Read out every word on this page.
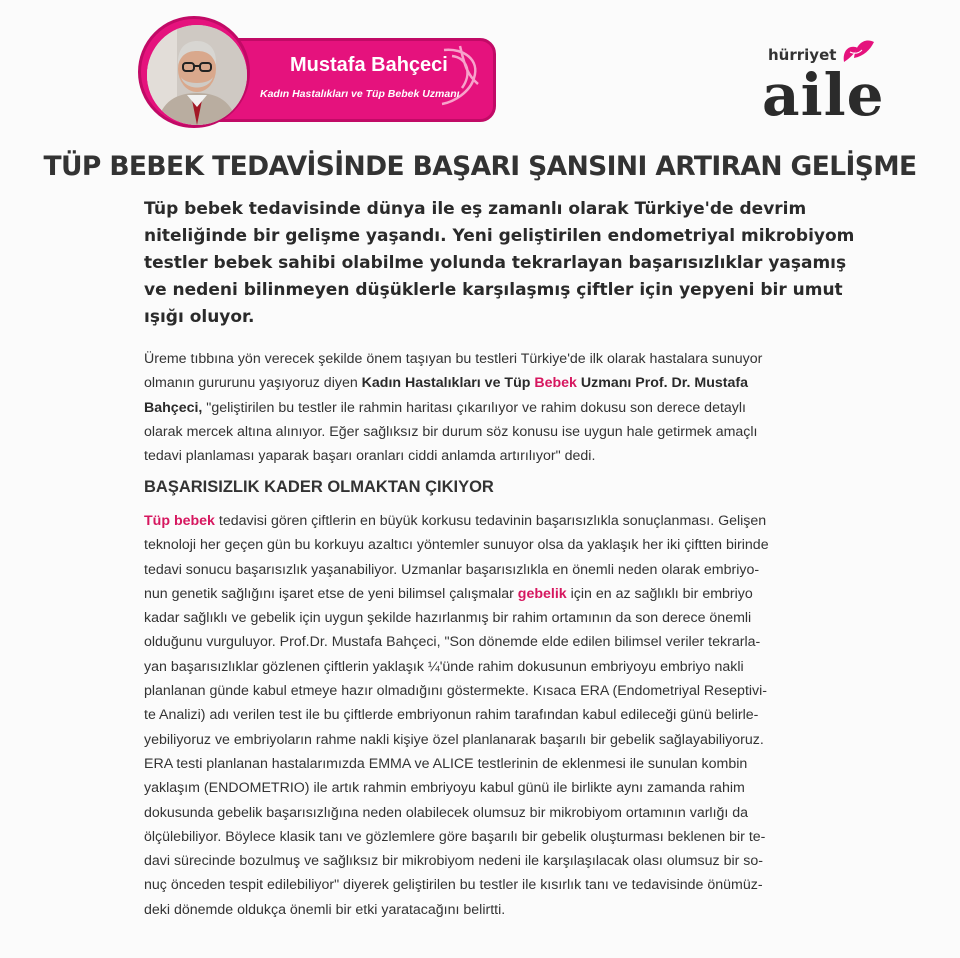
Mustafa Bahçeci
Kadın Hastalıkları ve Tüp Bebek Uzmanı
hürriyet
aile
TÜP BEBEK TEDAVİSİNDE BAŞARI ŞANSINI ARTIRAN GELİŞME

Tüp bebek tedavisinde dünya ile eş zamanlı olarak Türkiye'de devrim
niteliğinde bir gelişme yaşandı. Yeni geliştirilen endometriyal mikrobiyom
testler bebek sahibi olabilme yolunda tekrarlayan başarısızlıklar yaşamış
ve nedeni bilinmeyen düşüklerle karşılaşmış çiftler için yepyeni bir umut
ışığı oluyor.

Üreme tıbbına yön verecek şekilde önem taşıyan bu testleri Türkiye'de ilk olarak hastalara sunuyor
olmanın gururunu yaşıyoruz diyen Kadın Hastalıkları ve Tüp Bebek Uzmanı Prof. Dr. Mustafa
Bahçeci, "geliştirilen bu testler ile rahmin haritası çıkarılıyor ve rahim dokusu son derece detaylı
olarak mercek altına alınıyor. Eğer sağlıksız bir durum söz konusu ise uygun hale getirmek amaçlı
tedavi planlaması yaparak başarı oranları ciddi anlamda artırılıyor" dedi.

BAŞARISIZLIK KADER OLMAKTAN ÇIKIYOR

Tüp bebek tedavisi gören çiftlerin en büyük korkusu tedavinin başarısızlıkla sonuçlanması. Gelişen
teknoloji her geçen gün bu korkuyu azaltıcı yöntemler sunuyor olsa da yaklaşık her iki çiftten birinde
tedavi sonucu başarısızlık yaşanabiliyor. Uzmanlar başarısızlıkla en önemli neden olarak embriyo-
nun genetik sağlığını işaret etse de yeni bilimsel çalışmalar gebelik için en az sağlıklı bir embriyo
kadar sağlıklı ve gebelik için uygun şekilde hazırlanmış bir rahim ortamının da son derece önemli
olduğunu vurguluyor. Prof.Dr. Mustafa Bahçeci, "Son dönemde elde edilen bilimsel veriler tekrarla-
yan başarısızlıklar gözlenen çiftlerin yaklaşık ¼'ünde rahim dokusunun embriyoyu embriyo nakli
planlanan günde kabul etmeye hazır olmadığını göstermekte. Kısaca ERA (Endometriyal Reseptivi-
te Analizi) adı verilen test ile bu çiftlerde embriyonun rahim tarafından kabul edileceği günü belirle-
yebiliyoruz ve embriyoların rahme nakli kişiye özel planlanarak başarılı bir gebelik sağlayabiliyoruz.
ERA testi planlanan hastalarımızda EMMA ve ALICE testlerinin de eklenmesi ile sunulan kombin
yaklaşım (ENDOMETRIO) ile artık rahmin embriyoyu kabul günü ile birlikte aynı zamanda rahim
dokusunda gebelik başarısızlığına neden olabilecek olumsuz bir mikrobiyom ortamının varlığı da
ölçülebiliyor. Böylece klasik tanı ve gözlemlere göre başarılı bir gebelik oluşturması beklenen bir te-
davi sürecinde bozulmuş ve sağlıksız bir mikrobiyom nedeni ile karşılaşılacak olası olumsuz bir so-
nuç önceden tespit edilebiliyor" diyerek geliştirilen bu testler ile kısırlık tanı ve tedavisinde önümüz-
deki dönemde oldukça önemli bir etki yaratacağını belirtti.
